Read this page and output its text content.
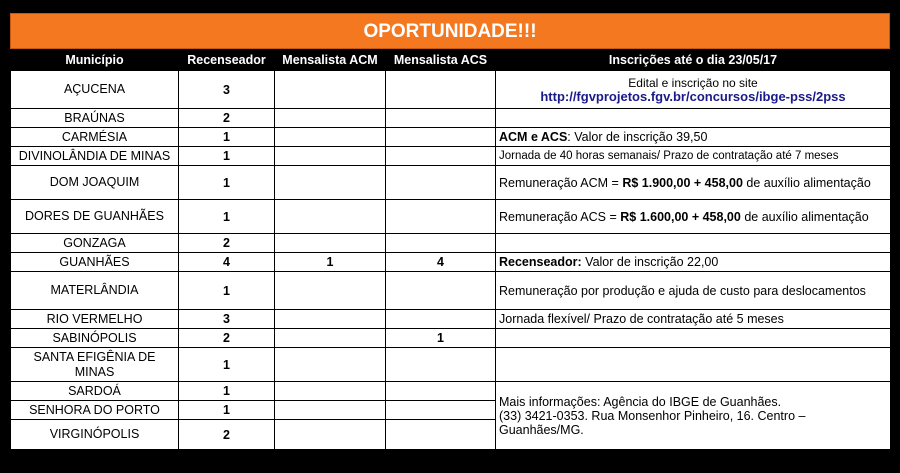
OPORTUNIDADE!!!
Município	Recenseador	Mensalista ACM	Mensalista ACS	Inscrições até o dia 23/05/17
AÇUCENA	3			Edital e inscrição no site
http://fgvprojetos.fgv.br/concursos/ibge-pss/2pss

BRAÚNAS	2			
CARMÉSIA	1			ACM e ACS: Valor de inscrição 39,50
DIVINOLÂNDIA DE MINAS	1			Jornada de 40 horas semanais/ Prazo de contratação até 7 meses
DOM JOAQUIM	1			Remuneração ACM = R$ 1.900,00 + 458,00 de auxílio alimentação
DORES DE GUANHÃES	1			Remuneração ACS = R$ 1.600,00 + 458,00 de auxílio alimentação
GONZAGA	2			
GUANHÃES	4	1	4	Recenseador: Valor de inscrição 22,00
MATERLÂNDIA	1			Remuneração por produção e ajuda de custo para deslocamentos
RIO VERMELHO	3			Jornada flexível/ Prazo de contratação até 5 meses
SABINÓPOLIS	2		1	
SANTA EFIGÊNIA DE MINAS	1			
SARDOÁ	1			Mais informações: Agência do IBGE de Guanhães.
(33) 3421-0353. Rua Monsenhor Pinheiro, 16. Centro – Guanhães/MG.

SENHORA DO PORTO	1			
VIRGINÓPOLIS	2			
